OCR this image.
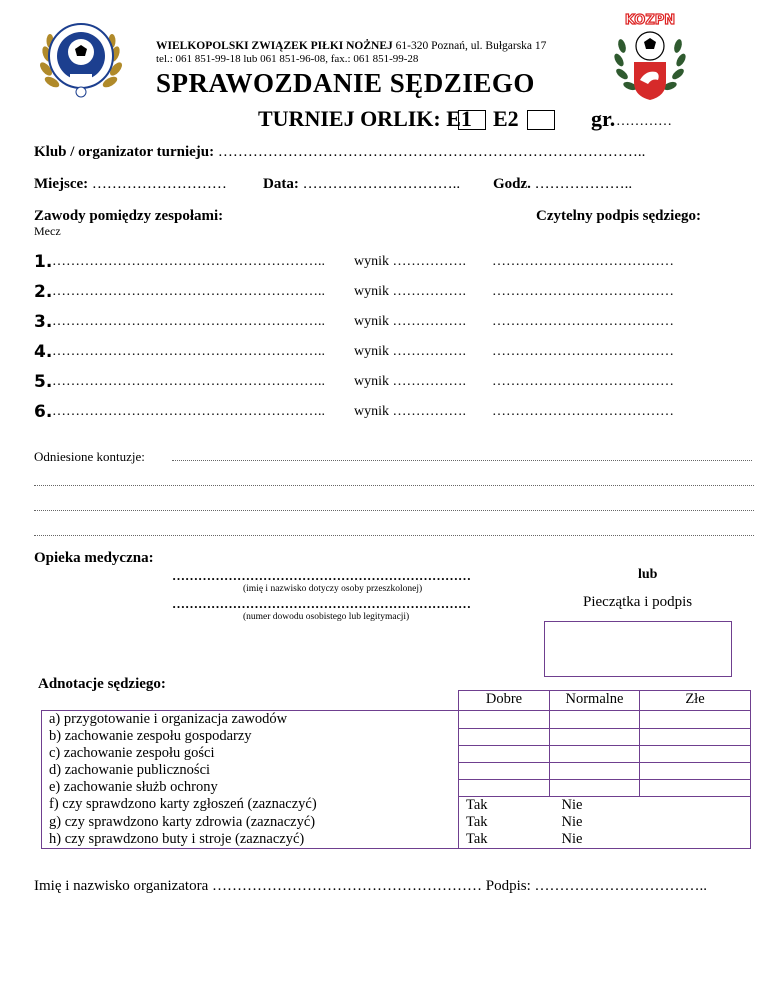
KOZPN
WIELKOPOLSKI ZWIĄZEK PIŁKI NOŻNEJ 61-320 Poznań, ul. Bułgarska 17
tel.: 061 851-99-18 lub 061 851-96-08, fax.: 061 851-99-28
SPRAWOZDANIE SĘDZIEGO
TURNIEJ ORLIK: E1 E2	gr. …………
Klub / organizator turnieju: …………………………………………………………………………..
Miejsce: ……………………… Data: ………………………….. Godz. ………………..
Zawody pomiędzy zespołami:	Czytelny podpis sędziego:
Mecz
1. ………………………………………………….. wynik ……………. …………………………………
2. ………………………………………………….. wynik ……………. …………………………………
3. ………………………………………………….. wynik ……………. …………………………………
4. ………………………………………………….. wynik ……………. …………………………………
5. ………………………………………………….. wynik ……………. …………………………………
6. ………………………………………………….. wynik ……………. …………………………………
Odniesione kontuzje:
Opieka medyczna:
……………………………………………………………
(imię i nazwisko dotyczy osoby przeszkolonej)
……………………………………………………………
(numer dowodu osobistego lub legitymacji)
lub
Pieczątka i podpis
Adnotacje sędziego:
	Dobre	Normalne	Złe
a) przygotowanie i organizacja zawodów			
b) zachowanie zespołu gospodarzy			
c) zachowanie zespołu gości			
d) zachowanie publiczności			
e) zachowanie służb ochrony			
f) czy sprawdzono karty zgłoszeń (zaznaczyć)	Tak		Nie
g) czy sprawdzono karty zdrowia (zaznaczyć)	Tak		Nie
h) czy sprawdzono buty i stroje (zaznaczyć)	Tak		Nie
Imię i nazwisko organizatora ……………………………………………… Podpis: ……………………………..
